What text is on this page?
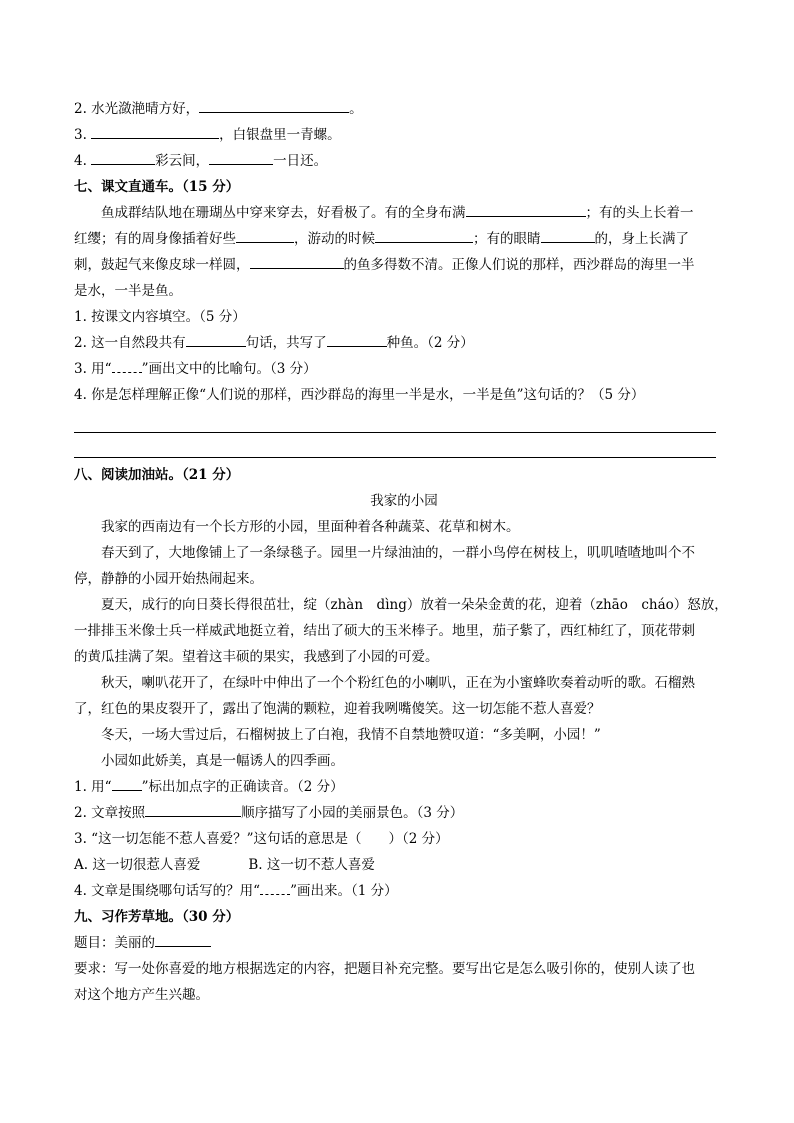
2. 水光潋滟晴方好，	。
3.	，白银盘里一青螺。
4.	彩云间，	一日还。
七、课文直通车。（15 分）
鱼成群结队地在珊瑚丛中穿来穿去，好看极了。有的全身布满	；有的头上长着一
红缨；有的周身像插着好些	，游动的时候	；有的眼睛	的，身上长满了
刺，鼓起气来像皮球一样圆，	的鱼多得数不清。正像人们说的那样，西沙群岛的海里一半
是水，一半是鱼。
1. 按课文内容填空。（5 分）
2. 这一自然段共有	句话，共写了	种鱼。（2 分）
3. 用“ ”画出文中的比喻句。（3 分）
4. 你是怎样理解正像“人们说的那样，西沙群岛的海里一半是水，一半是鱼”这句话的？（5 分）
八、阅读加油站。（21 分）
我家的小园
我家的西南边有一个长方形的小园，里面种着各种蔬菜、花草和树木。
春天到了，大地像铺上了一条绿毯子。园里一片绿油油的，一群小鸟停在树枝上，叽叽喳喳地叫个不
停，静静的小园开始热闹起来。
夏天，成行的向日葵长得很茁壮，绽（zhàn　dìng）放着一朵朵金黄的花，迎着（zhāo　cháo）怒放，
一排排玉米像士兵一样威武地挺立着，结出了硕大的玉米棒子。地里，茄子紫了，西红柿红了，顶花带刺
的黄瓜挂满了架。望着这丰硕的果实，我感到了小园的可爱。
秋天，喇叭花开了，在绿叶中伸出了一个个粉红色的小喇叭，正在为小蜜蜂吹奏着动听的歌。石榴熟
了，红色的果皮裂开了，露出了饱满的颗粒，迎着我咧嘴傻笑。这一切怎能不惹人喜爱？
冬天，一场大雪过后，石榴树披上了白袍，我情不自禁地赞叹道：“多美啊，小园！”
小园如此娇美，真是一幅诱人的四季画。
1. 用“ ”标出加点字的正确读音。（2 分）
2. 文章按照	顺序描写了小园的美丽景色。（3 分）
3. “这一切怎能不惹人喜爱？”这句话的意思是（　　）（2 分）
A. 这一切很惹人喜爱	B. 这一切不惹人喜爱
4. 文章是围绕哪句话写的？用“ ”画出来。（1 分）
九、习作芳草地。（30 分）
题目：美丽的
要求：写一处你喜爱的地方根据选定的内容，把题目补充完整。要写出它是怎么吸引你的，使别人读了也
对这个地方产生兴趣。
